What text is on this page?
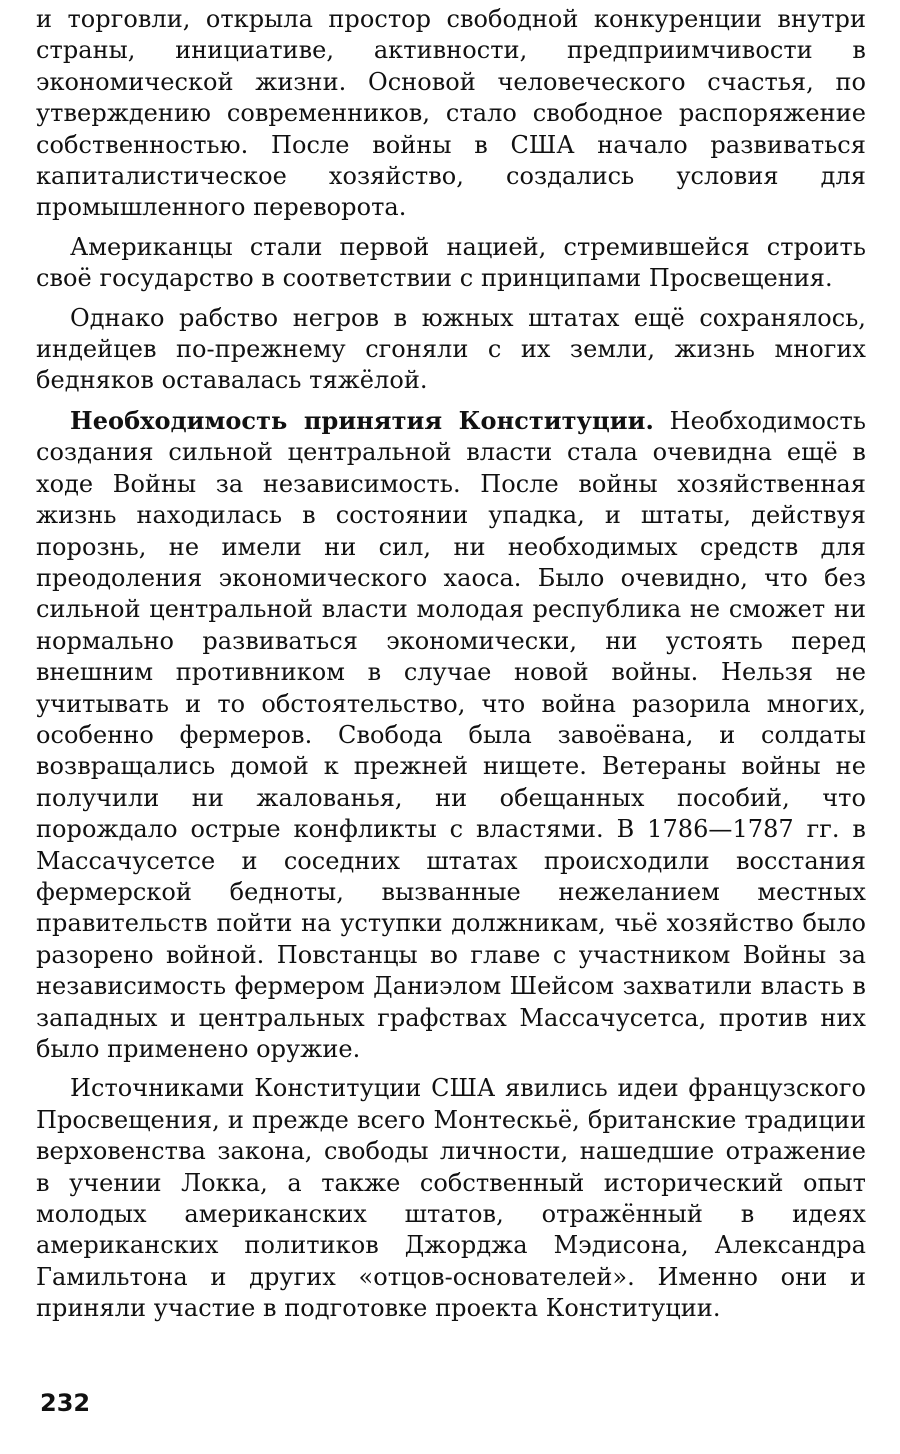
и торговли, открыла простор свободной конкуренции внутри страны, инициативе, активности, предприимчивости в экономической жизни. Основой человеческого счастья, по утверждению современников, стало свободное распоряжение собственностью. После войны в США начало развиваться капиталистическое хозяйство, создались условия для промышленного переворота.

Американцы стали первой нацией, стремившейся строить своё государство в соответствии с принципами Просвещения.

Однако рабство негров в южных штатах ещё сохранялось, индейцев по-прежнему сгоняли с их земли, жизнь многих бедняков оставалась тяжёлой.

Необходимость принятия Конституции. Необходимость создания сильной центральной власти стала очевидна ещё в ходе Войны за независимость. После войны хозяйственная жизнь находилась в состоянии упадка, и штаты, действуя порознь, не имели ни сил, ни необходимых средств для преодоления экономического хаоса. Было очевидно, что без сильной центральной власти молодая республика не сможет ни нормально развиваться экономически, ни устоять перед внешним противником в случае новой войны. Нельзя не учитывать и то обстоятельство, что война разорила многих, особенно фермеров. Свобода была завоёвана, и солдаты возвращались домой к прежней нищете. Ветераны войны не получили ни жалованья, ни обещанных пособий, что порождало острые конфликты с властями. В 1786—1787 гг. в Массачусетсе и соседних штатах происходили восстания фермерской бедноты, вызванные нежеланием местных правительств пойти на уступки должникам, чьё хозяйство было разорено войной. Повстанцы во главе с участником Войны за независимость фермером Даниэлом Шейсом захватили власть в западных и центральных графствах Массачусетса, против них было применено оружие.

Источниками Конституции США явились идеи французского Просвещения, и прежде всего Монтескьё, британские традиции верховенства закона, свободы личности, нашедшие отражение в учении Локка, а также собственный исторический опыт молодых американских штатов, отражённый в идеях американских политиков Джорджа Мэдисона, Александра Гамильтона и других «отцов-основателей». Именно они и приняли участие в подготовке проекта Конституции.

232
